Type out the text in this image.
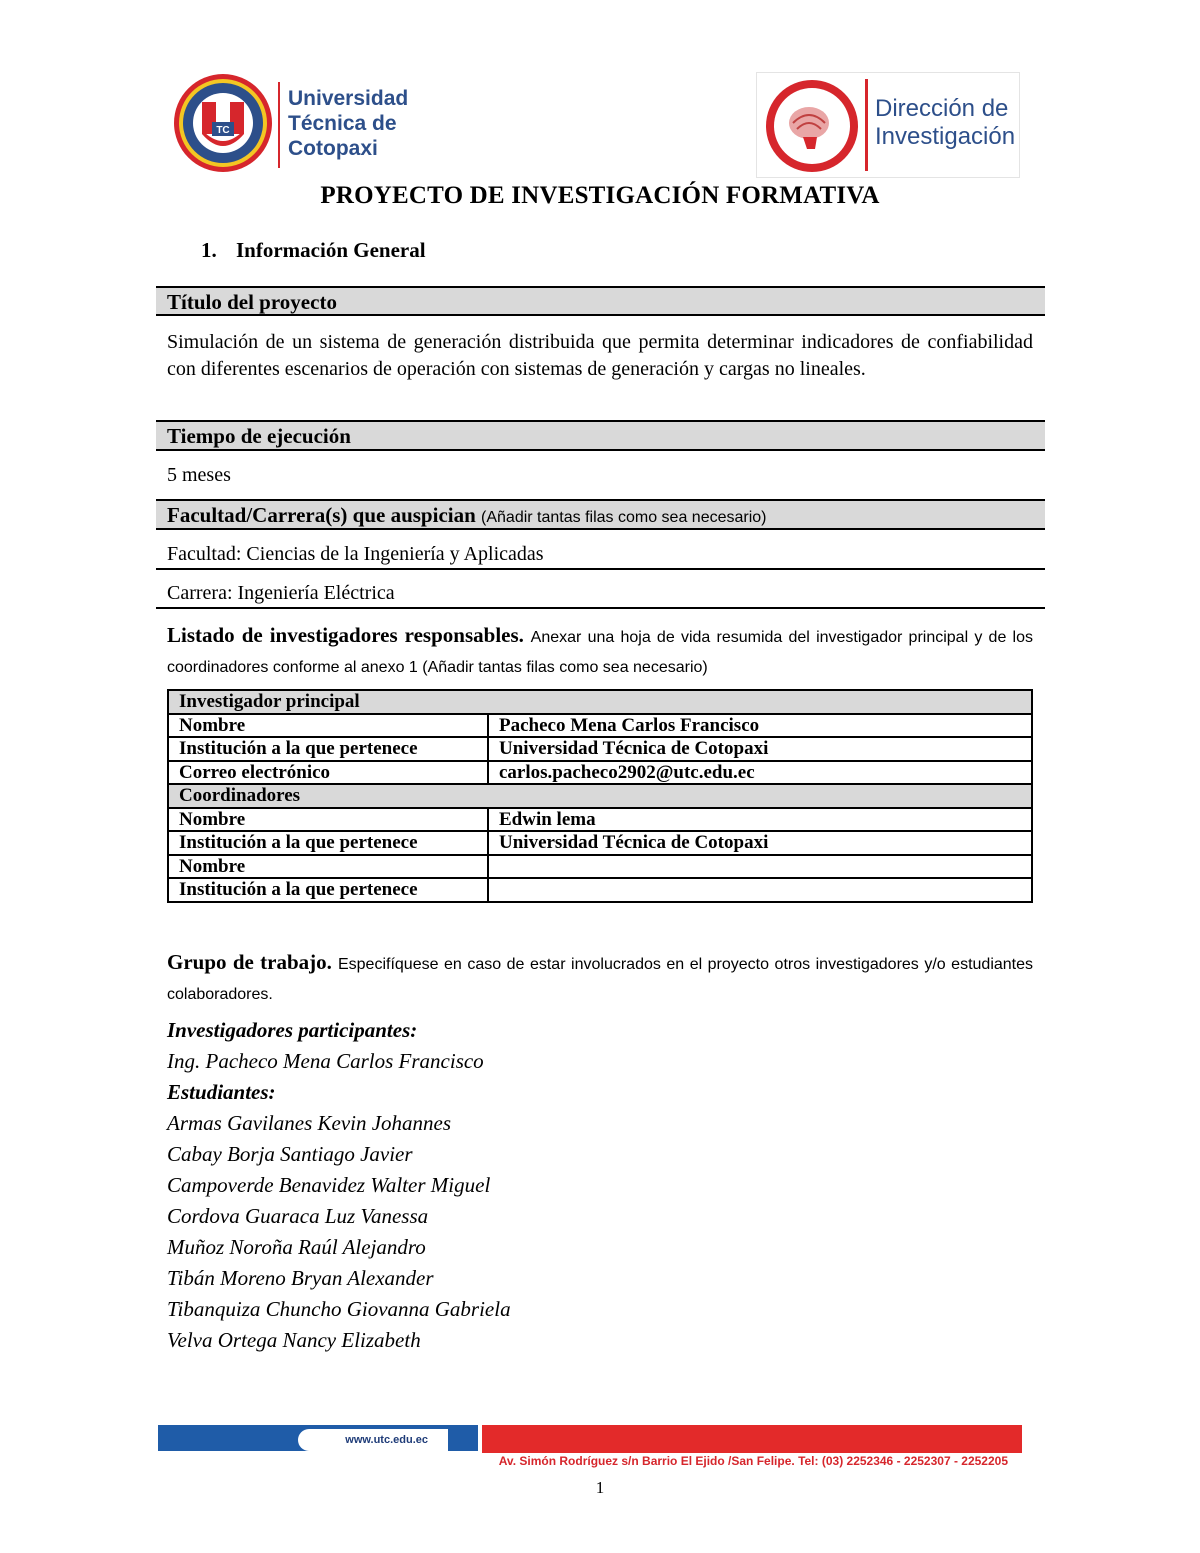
TC
Universidad
Técnica de
Cotopaxi
Dirección de
Investigación
PROYECTO DE INVESTIGACIÓN FORMATIVA
1. Información General
Título del proyecto
Simulación de un sistema de generación distribuida que permita determinar indicadores de confiabilidad con diferentes escenarios de operación con sistemas de generación y cargas no lineales.
Tiempo de ejecución
5 meses
Facultad/Carrera(s) que auspician (Añadir tantas filas como sea necesario)
Facultad: Ciencias de la Ingeniería y Aplicadas
Carrera: Ingeniería Eléctrica
Listado de investigadores responsables. Anexar una hoja de vida resumida del investigador principal y de los coordinadores conforme al anexo 1 (Añadir tantas filas como sea necesario)
Investigador principal	
Nombre	Pacheco Mena Carlos Francisco
Institución a la que pertenece	Universidad Técnica de Cotopaxi
Correo electrónico	carlos.pacheco2902@utc.edu.ec
Coordinadores	
Nombre	Edwin lema
Institución a la que pertenece	Universidad Técnica de Cotopaxi
Nombre	
Institución a la que pertenece	
Grupo de trabajo. Especifíquese en caso de estar involucrados en el proyecto otros investigadores y/o estudiantes colaboradores.
Investigadores participantes:
Ing. Pacheco Mena Carlos Francisco
Estudiantes:
Armas Gavilanes Kevin Johannes
Cabay Borja Santiago Javier
Campoverde Benavidez Walter Miguel
Cordova Guaraca Luz Vanessa
Muñoz Noroña Raúl Alejandro
Tibán Moreno Bryan Alexander
Tibanquiza Chuncho Giovanna Gabriela
Velva Ortega Nancy Elizabeth
www.utc.edu.ec
Av. Simón Rodríguez s/n Barrio El Ejido /San Felipe. Tel: (03) 2252346 - 2252307 - 2252205
1
